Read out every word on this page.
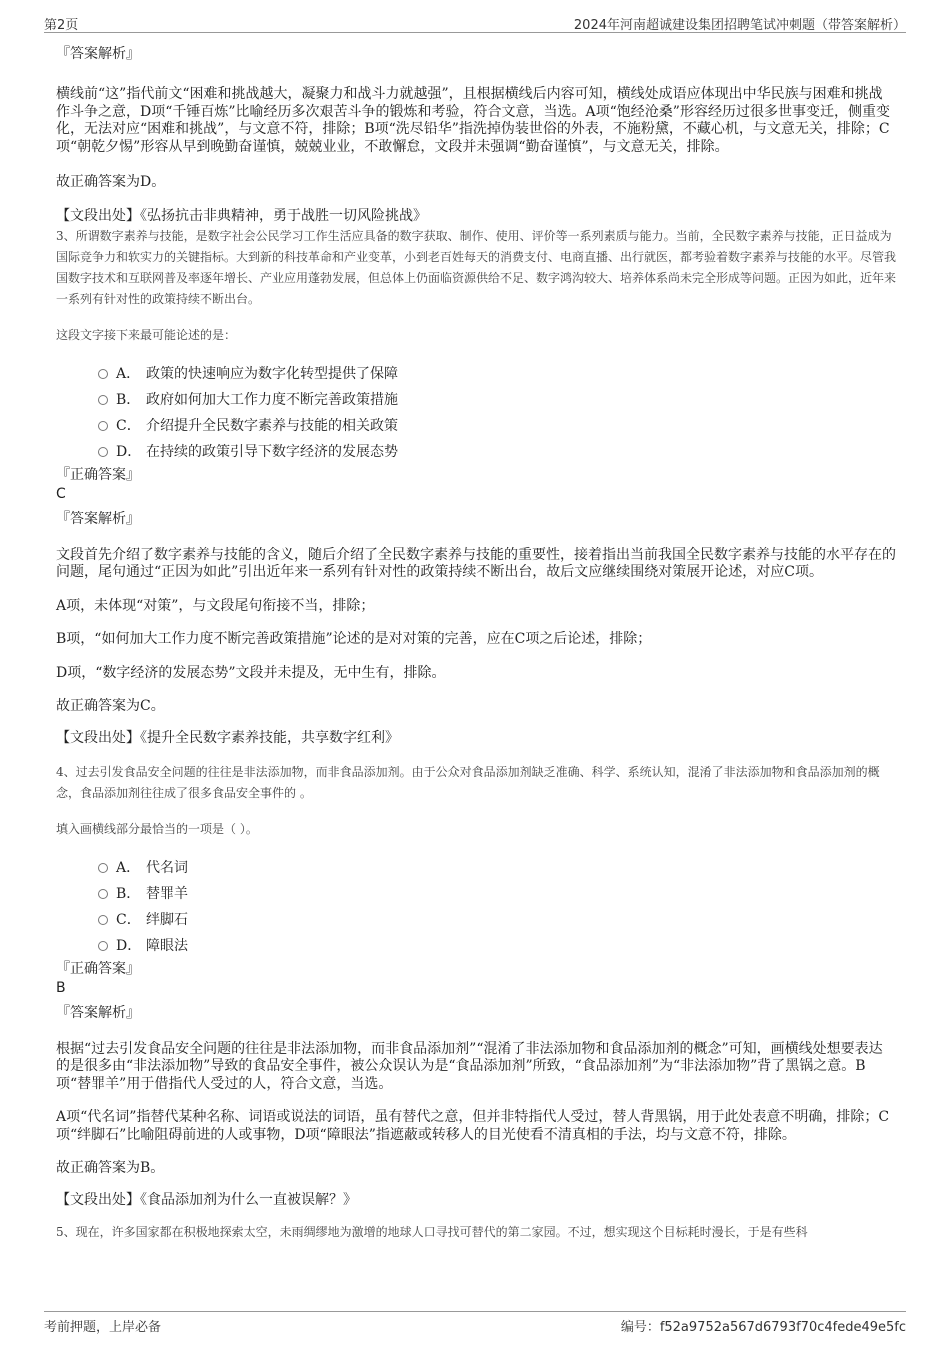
第2页	2024年河南超诚建设集团招聘笔试冲刺题（带答案解析）
『答案解析』

横线前“这”指代前文“困难和挑战越大，凝聚力和战斗力就越强”，且根据横线后内容可知，横线处成语应体现出中华民族与困难和挑战作斗争之意，D项“千锤百炼”比喻经历多次艰苦斗争的锻炼和考验，符合文意，当选。A项“饱经沧桑”形容经历过很多世事变迁，侧重变化，无法对应“困难和挑战”，与文意不符，排除；B项“洗尽铅华”指洗掉伪装世俗的外表，不施粉黛，不藏心机，与文意无关，排除；C项“朝乾夕惕”形容从早到晚勤奋谨慎，兢兢业业，不敢懈怠，文段并未强调“勤奋谨慎”，与文意无关，排除。

故正确答案为D。

【文段出处】《弘扬抗击非典精神，勇于战胜一切风险挑战》

3、所谓数字素养与技能，是数字社会公民学习工作生活应具备的数字获取、制作、使用、评价等一系列素质与能力。当前，全民数字素养与技能，正日益成为国际竞争力和软实力的关键指标。大到新的科技革命和产业变革，小到老百姓每天的消费支付、电商直播、出行就医，都考验着数字素养与技能的水平。尽管我国数字技术和互联网普及率逐年增长、产业应用蓬勃发展，但总体上仍面临资源供给不足、数字鸿沟较大、培养体系尚未完全形成等问题。正因为如此，近年来一系列有针对性的政策持续不断出台。

这段文字接下来最可能论述的是：

A． 政策的快速响应为数字化转型提供了保障
B． 政府如何加大工作力度不断完善政策措施
C． 介绍提升全民数字素养与技能的相关政策
D． 在持续的政策引导下数字经济的发展态势
『正确答案』
C
『答案解析』

文段首先介绍了数字素养与技能的含义，随后介绍了全民数字素养与技能的重要性，接着指出当前我国全民数字素养与技能的水平存在的问题，尾句通过“正因为如此”引出近年来一系列有针对性的政策持续不断出台，故后文应继续围绕对策展开论述，对应C项。

A项，未体现“对策”，与文段尾句衔接不当，排除；

B项，“如何加大工作力度不断完善政策措施”论述的是对对策的完善，应在C项之后论述，排除；

D项，“数字经济的发展态势”文段并未提及，无中生有，排除。

故正确答案为C。

【文段出处】《提升全民数字素养技能，共享数字红利》

4、过去引发食品安全问题的往往是非法添加物，而非食品添加剂。由于公众对食品添加剂缺乏准确、科学、系统认知，混淆了非法添加物和食品添加剂的概念，食品添加剂往往成了很多食品安全事件的 。

填入画横线部分最恰当的一项是（ ）。

A． 代名词
B． 替罪羊
C． 绊脚石
D． 障眼法
『正确答案』
B
『答案解析』

根据“过去引发食品安全问题的往往是非法添加物，而非食品添加剂”“混淆了非法添加物和食品添加剂的概念”可知，画横线处想要表达的是很多由“非法添加物”导致的食品安全事件，被公众误认为是“食品添加剂”所致，“食品添加剂”为“非法添加物”背了黑锅之意。B项“替罪羊”用于借指代人受过的人，符合文意，当选。

A项“代名词”指替代某种名称、词语或说法的词语，虽有替代之意，但并非特指代人受过，替人背黑锅，用于此处表意不明确，排除；C项“绊脚石”比喻阻碍前进的人或事物，D项“障眼法”指遮蔽或转移人的目光使看不清真相的手法，均与文意不符，排除。

故正确答案为B。

【文段出处】《食品添加剂为什么一直被误解？》

5、现在，许多国家都在积极地探索太空，未雨绸缪地为激增的地球人口寻找可替代的第二家园。不过，想实现这个目标耗时漫长，于是有些科

考前押题，上岸必备	编号：f52a9752a567d6793f70c4fede49e5fc
